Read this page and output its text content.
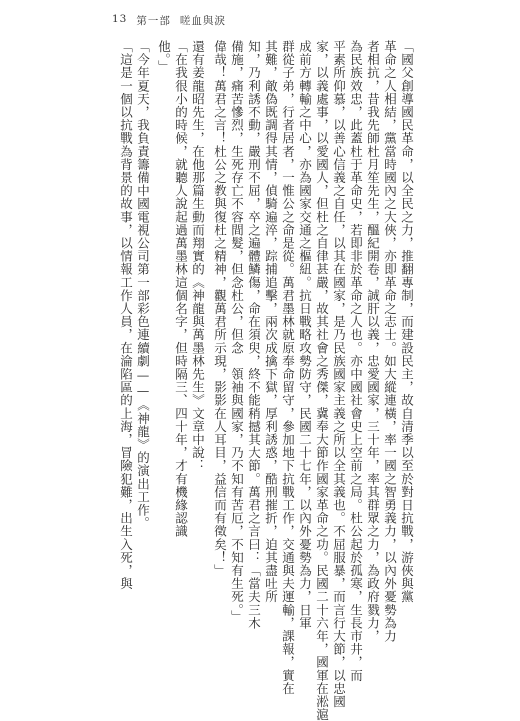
13 第一部 嗟血與淚
「國父創導國民革命，以全民之力，推翻專制，而建設民主，故自清季以至於對日抗戰，游俠與黨
革命之人相結，黨當時國內之大俠，亦即革命之志士。如大縱連橫，率一國之智勇義力，以內外憂勢為力
者相抗，昔我先師杜月笙先生，醞紀開卷，誠肝以義，忠愛國家，三十年，率其群眾之力，為政府戮力，
為民族效忠，此蓋杜于革命史，若即非於革命之人也。亦中國社會史上空前之局。杜公起於孤寒，生長市井，而
平素所仰慕，以善心信義之自任，以其在國家，是乃民族國家主義之所以全其義也。不屈服暴，而言行大節，以忠國
家，以義處事，以愛國人，但杜之自律甚嚴，故其社會之秀傑，冀奉大節作國家革命之功。民國二十六年，國軍在淞滬
成前方轉輸之中心，亦為國家交通之樞紐。抗日戰略攻勢防守，民國二十七年，以內外憂勢為力，日軍
群從子弟，行者居者，一惟公之命是從。萬君墨林就原奉命留守，參加地下抗戰工作，交通與夫運輸，課報，實在
其難，敵偽既調得其情，偵騎遍淬，踪捕追擊，兩次成擒下獄，厚利誘惑，酷刑摧折，迫其盡吐所
知，乃利誘不動，嚴刑不屈，卒之遍體鱗傷，命在須臾，終不能稍撼其大節。萬君之言曰：「當夫三木
備施，痛苦慘烈，生死存亡不容間髮，但念杜公，但念　領袖與國家，乃不知有苦厄，不知有生死。」
偉哉！萬君之言！杜公之教與復杜之精神，觀萬君所示現，影影在人耳目，益信而有徵矣！」
還有姜龍昭先生，在他那篇生動而翔實的《神龍與萬墨林先生》文章中說：
「在我很小的時候，就聽人說起過萬墨林這個名字，但時隔三、四十年，才有機緣認識
他。」
「今年夏天，我負責籌備中國電視公司第一部彩色連續劇——《神龍》的演出工作。
「這是一個以抗戰為背景的故事，以情報工作人員，在淪陷區的上海，冒險犯難，出生入死，與
